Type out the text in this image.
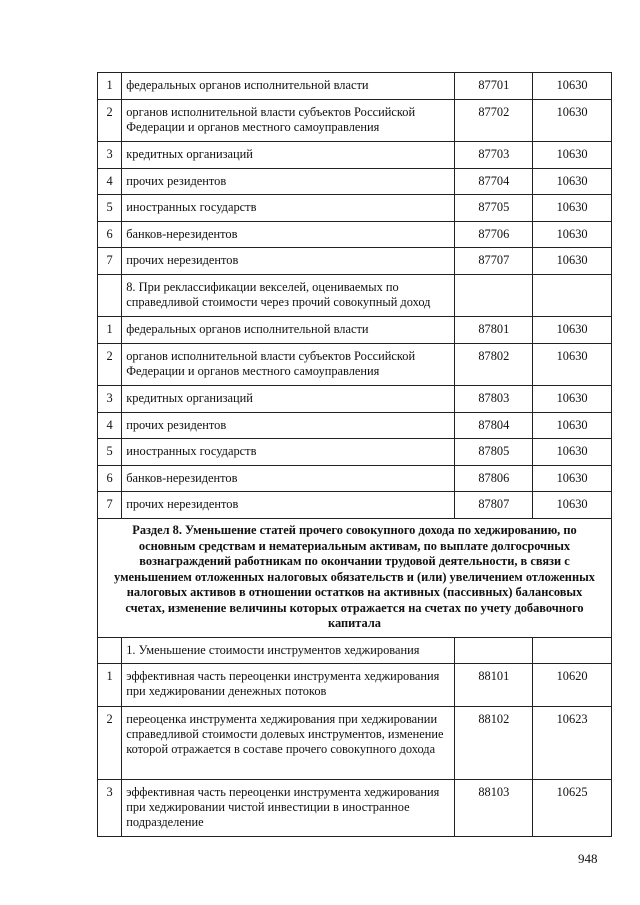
1	федеральных органов исполнительной власти	87701	10630

2	органов исполнительной власти субъектов Российской Федерации и органов местного самоуправления	87702	10630

3	кредитных организаций	87703	10630

4	прочих резидентов	87704	10630

5	иностранных государств	87705	10630

6	банков-нерезидентов	87706	10630

7	прочих нерезидентов	87707	10630

	8. При реклассификации векселей, оцениваемых по справедливой стоимости через прочий совокупный доход		

1	федеральных органов исполнительной власти	87801	10630

2	органов исполнительной власти субъектов Российской Федерации и органов местного самоуправления	87802	10630

3	кредитных организаций	87803	10630

4	прочих резидентов	87804	10630

5	иностранных государств	87805	10630

6	банков-нерезидентов	87806	10630

7	прочих нерезидентов	87807	10630

Раздел 8. Уменьшение статей прочего совокупного дохода по хеджированию, по основным средствам и нематериальным активам, по выплате долгосрочных вознаграждений работникам по окончании трудовой деятельности, в связи с уменьшением отложенных налоговых обязательств и (или) увеличением отложенных налоговых активов в отношении остатков на активных (пассивных) балансовых счетах, изменение величины которых отражается на счетах по учету добавочного капитала			

	1. Уменьшение стоимости инструментов хеджирования		

1	эффективная часть переоценки инструмента хеджирования при хеджировании денежных потоков	88101	10620

2	переоценка инструмента хеджирования при хеджировании справедливой стоимости долевых инструментов, изменение которой отражается в составе прочего совокупного дохода	88102	10623

3	эффективная часть переоценки инструмента хеджирования при хеджировании чистой инвестиции в иностранное подразделение	88103	10625
948
